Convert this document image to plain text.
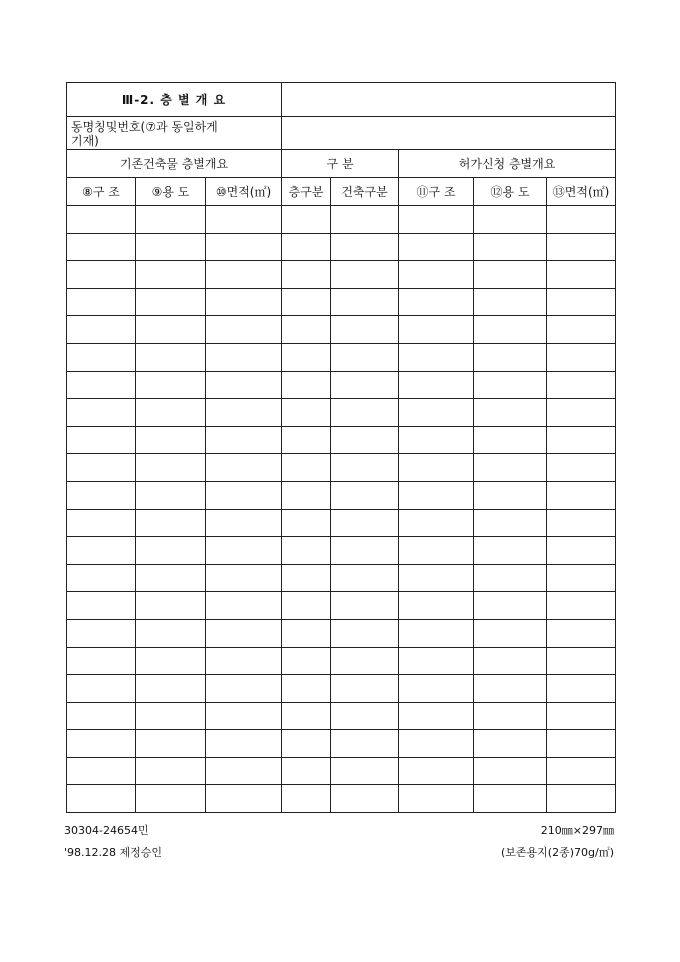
Ⅲ-2. 층 별 개 요							

동명칭및번호(⑦과 동일하게
기재)							

기존건축물 층별개요			구 분		허가신청 층별개요		
⑧구 조	⑨용 도	⑩면적(㎡)	층구분	건축구분	⑪구 조	⑫용 도	⑬면적(㎡)

30304-24654민
'98.12.28 제정승인
210㎜×297㎜
(보존용지(2종)70g/㎡)
